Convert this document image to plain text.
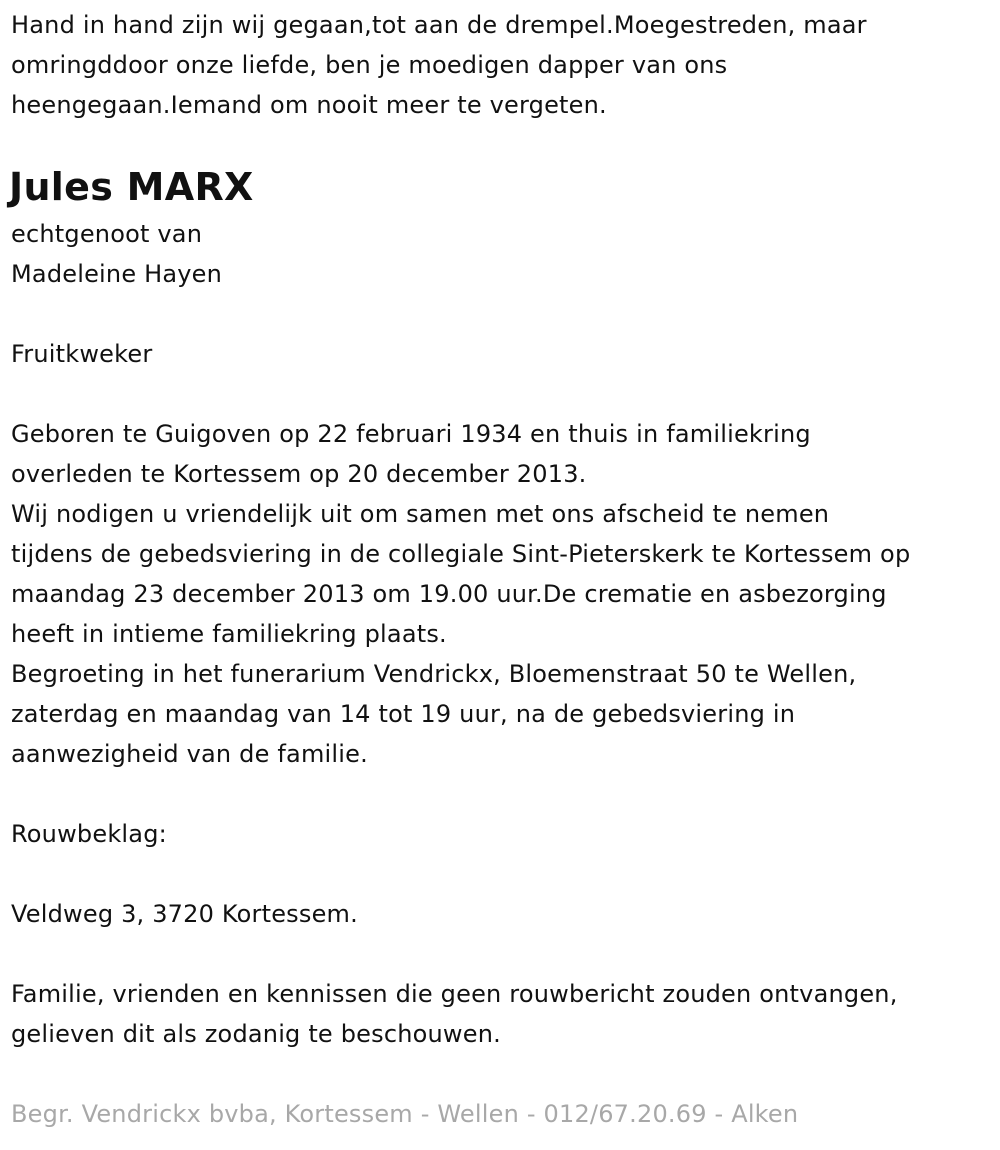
Hand in hand zijn wij gegaan,tot aan de drempel.Moegestreden, maar
omringddoor onze liefde, ben je moedigen dapper van ons
heengegaan.Iemand om nooit meer te vergeten.
Jules MARX
echtgenoot van
Madeleine Hayen
Fruitkweker
Geboren te Guigoven op 22 februari 1934 en thuis in familiekring
overleden te Kortessem op 20 december 2013.
Wij nodigen u vriendelijk uit om samen met ons afscheid te nemen
tijdens de gebedsviering in de collegiale Sint-Pieterskerk te Kortessem op
maandag 23 december 2013 om 19.00 uur.De crematie en asbezorging
heeft in intieme familiekring plaats.
Begroeting in het funerarium Vendrickx, Bloemenstraat 50 te Wellen,
zaterdag en maandag van 14 tot 19 uur, na de gebedsviering in
aanwezigheid van de familie.
Rouwbeklag:
Veldweg 3, 3720 Kortessem.
Familie, vrienden en kennissen die geen rouwbericht zouden ontvangen,
gelieven dit als zodanig te beschouwen.
Begr. Vendrickx bvba, Kortessem - Wellen - 012/67.20.69 - Alken
